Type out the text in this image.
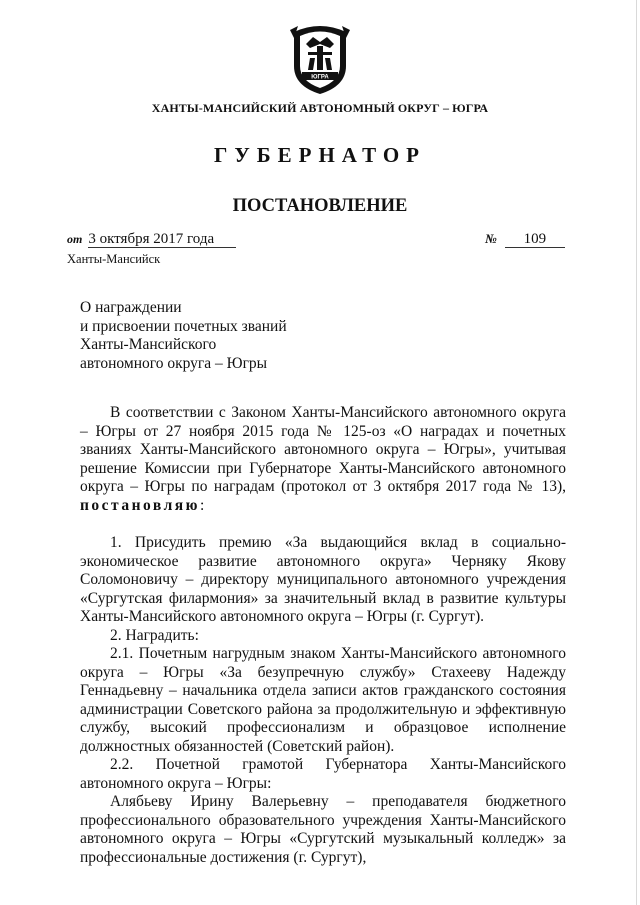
ЮГРА
ХАНТЫ-МАНСИЙСКИЙ АВТОНОМНЫЙ ОКРУГ – ЮГРА
ГУБЕРНАТОР
ПОСТАНОВЛЕНИЕ
от 3 октября 2017 года	№ 109
Ханты-Мансийск
О награждении
и присвоении почетных званий
Ханты-Мансийского
автономного округа – Югры

В соответствии с Законом Ханты-Мансийского автономного округа – Югры от 27 ноября 2015 года № 125-оз «О наградах и почетных званиях Ханты-Мансийского автономного округа – Югры», учитывая решение Комиссии при Губернаторе Ханты-Мансийского автономного округа – Югры по наградам (протокол от 3 октября 2017 года № 13), постановляю:

1. Присудить премию «За выдающийся вклад в социально-экономическое развитие автономного округа» Черняку Якову Соломоновичу – директору муниципального автономного учреждения «Сургутская филармония» за значительный вклад в развитие культуры Ханты-Мансийского автономного округа – Югры (г. Сургут).

2. Наградить:

2.1. Почетным нагрудным знаком Ханты-Мансийского автономного округа – Югры «За безупречную службу» Стахееву Надежду Геннадьевну – начальника отдела записи актов гражданского состояния администрации Советского района за продолжительную и эффективную службу, высокий профессионализм и образцовое исполнение должностных обязанностей (Советский район).

2.2. Почетной грамотой Губернатора Ханты-Мансийского автономного округа – Югры:

Алябьеву Ирину Валерьевну – преподавателя бюджетного профессионального образовательного учреждения Ханты-Мансийского автономного округа – Югры «Сургутский музыкальный колледж» за профессиональные достижения (г. Сургут),
